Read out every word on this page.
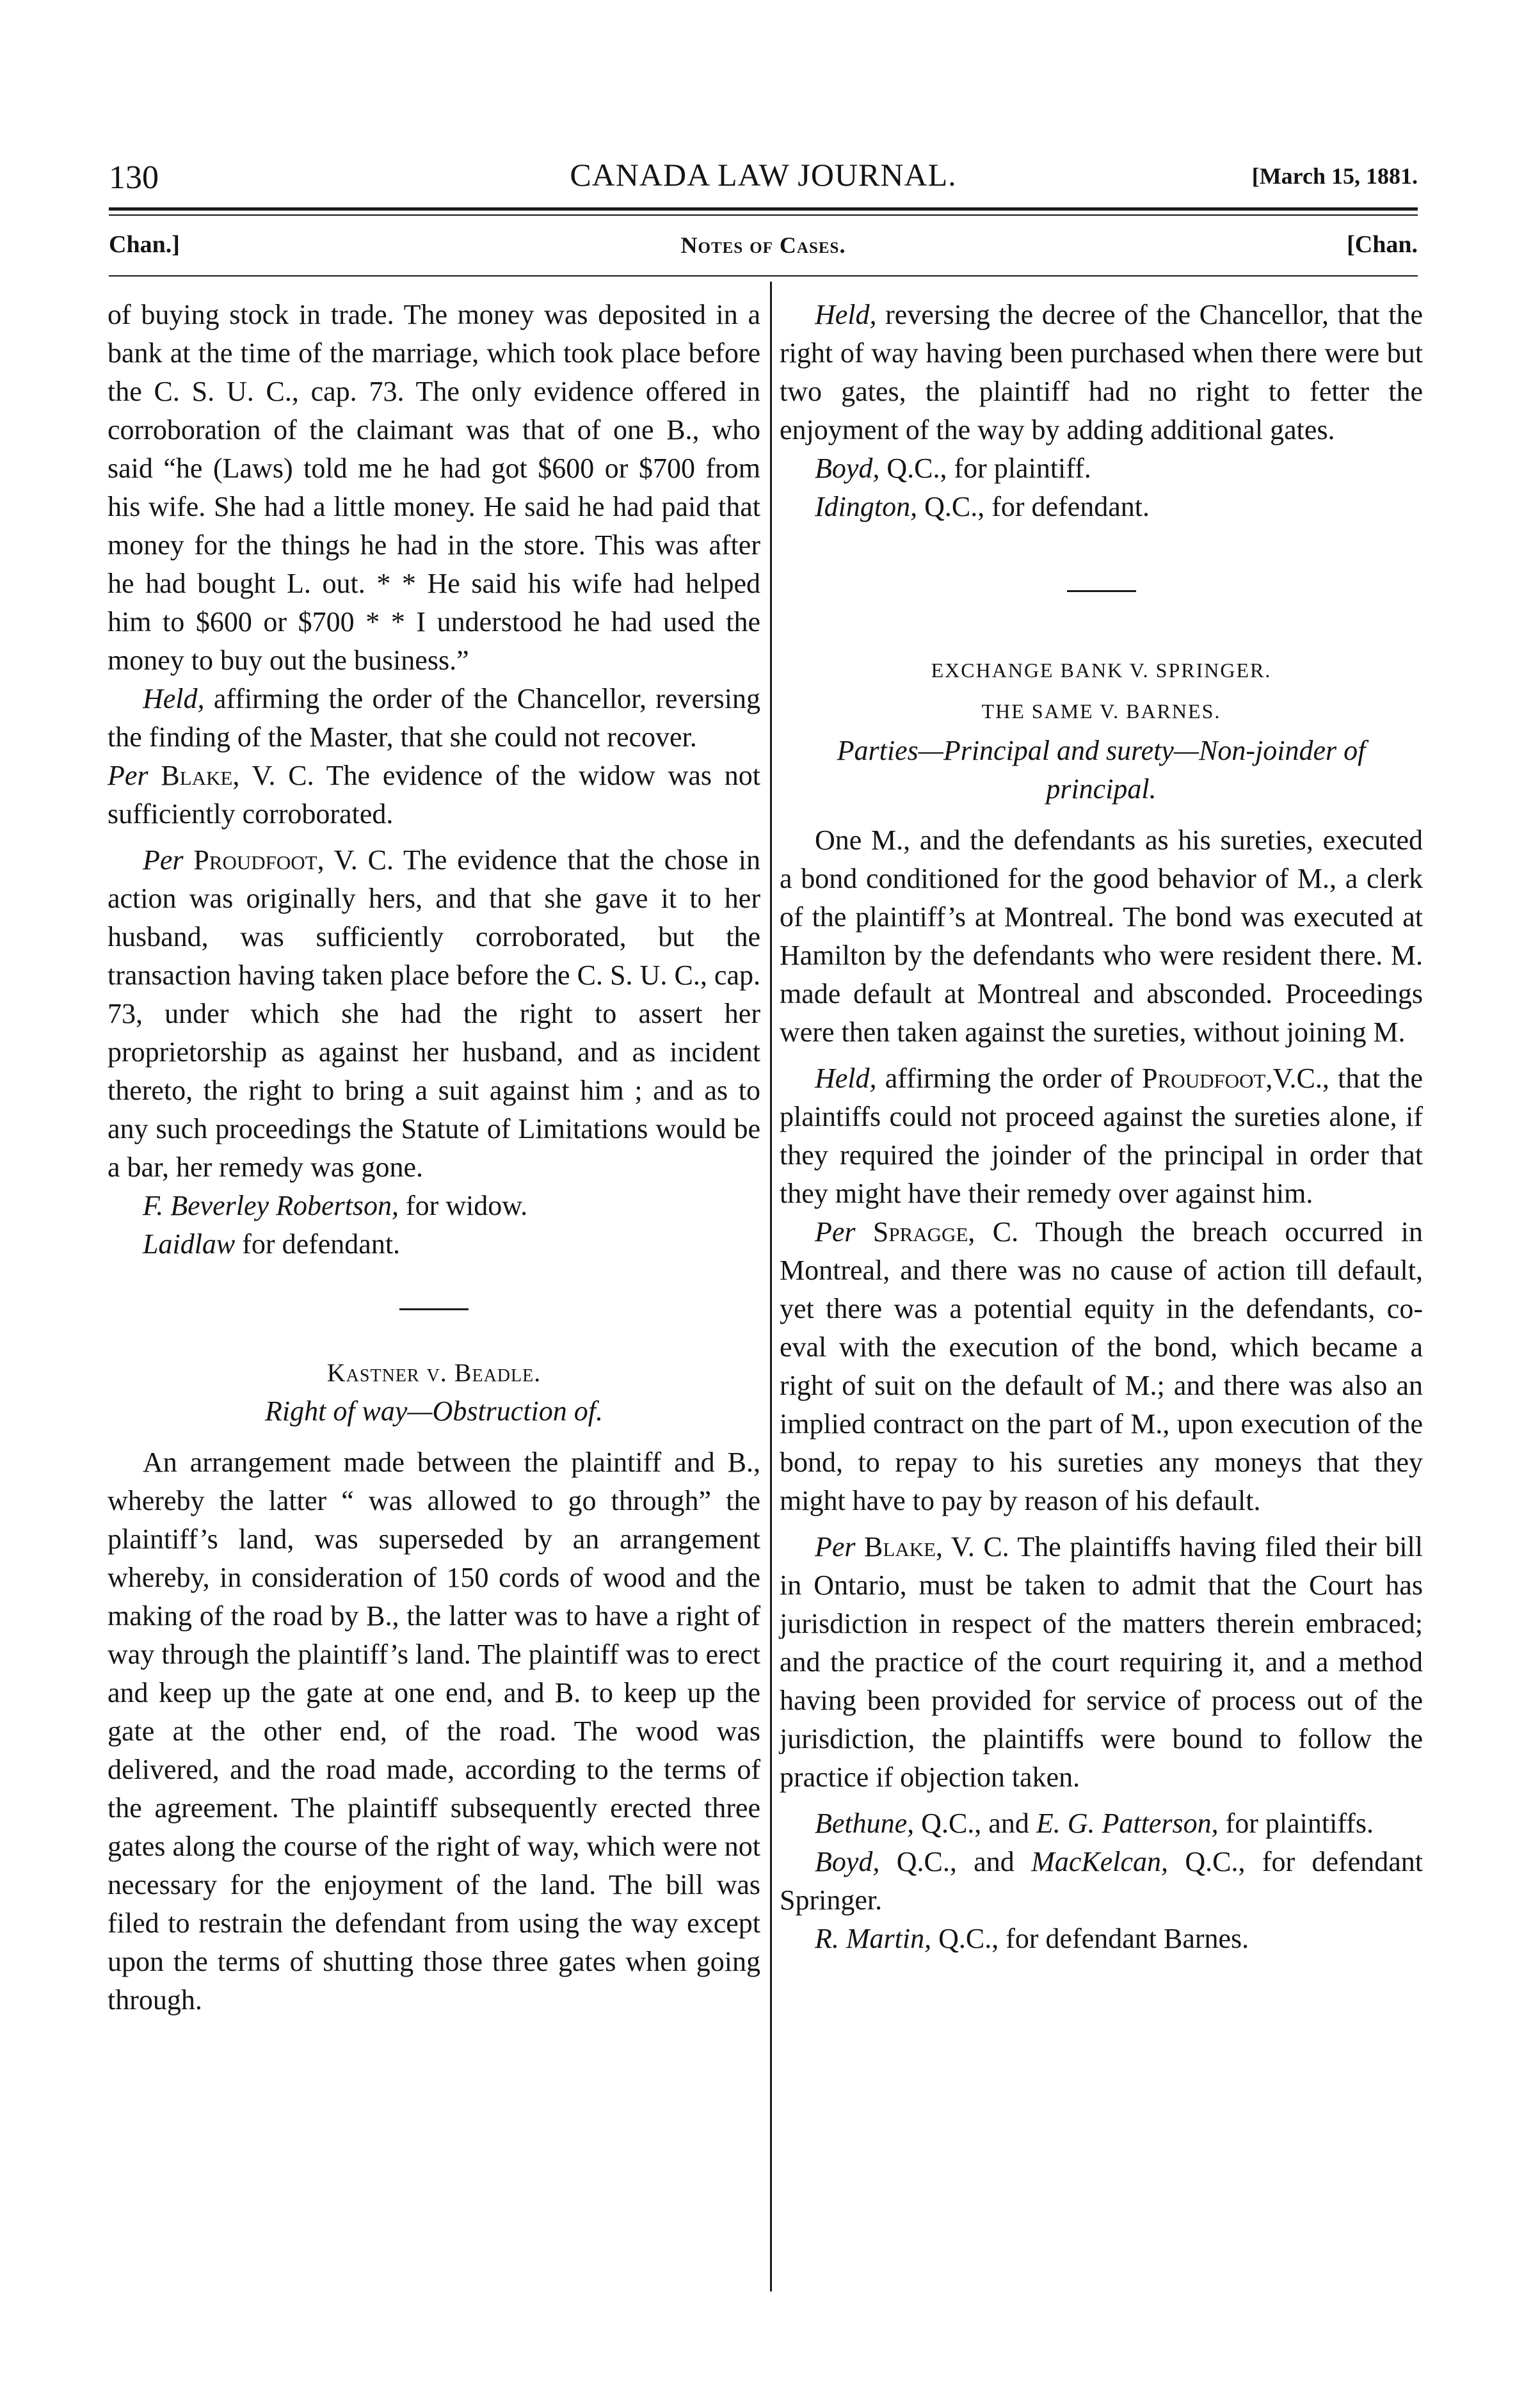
130	CANADA LAW JOURNAL.	[March 15, 1881.
Chan.]	Notes of Cases.	[Chan.

of buying stock in trade. The money was deposited in a bank at the time of the marriage, which took place before the C. S. U. C., cap. 73. The only evidence offered in corroboration of the claimant was that of one B., who said “he (Laws) told me he had got $600 or $700 from his wife. She had a little money. He said he had paid that money for the things he had in the store. This was after he had bought L. out. * * He said his wife had helped him to $600 or $700 * * I understood he had used the money to buy out the business.”

Held, affirming the order of the Chancellor, reversing the finding of the Master, that she could not recover.

Per Blake, V. C. The evidence of the widow was not sufficiently corroborated.

Per Proudfoot, V. C. The evidence that the chose in action was originally hers, and that she gave it to her husband, was sufficiently corroborated, but the transaction having taken place before the C. S. U. C., cap. 73, under which she had the right to assert her proprietorship as against her husband, and as incident thereto, the right to bring a suit against him ; and as to any such proceedings the Statute of Limitations would be a bar, her remedy was gone.

F. Beverley Robertson, for widow.

Laidlaw for defendant.

Kastner v. Beadle.

Right of way—Obstruction of.

An arrangement made between the plaintiff and B., whereby the latter “ was allowed to go through” the plaintiff’s land, was superseded by an arrangement whereby, in consideration of 150 cords of wood and the making of the road by B., the latter was to have a right of way through the plaintiff’s land. The plaintiff was to erect and keep up the gate at one end, and B. to keep up the gate at the other end, of the road. The wood was delivered, and the road made, according to the terms of the agreement. The plaintiff subsequently erected three gates along the course of the right of way, which were not necessary for the enjoyment of the land. The bill was filed to restrain the defendant from using the way except upon the terms of shutting those three gates when going through.

Held, reversing the decree of the Chancellor, that the right of way having been purchased when there were but two gates, the plaintiff had no right to fetter the enjoyment of the way by adding additional gates.

Boyd, Q.C., for plaintiff.

Idington, Q.C., for defendant.

EXCHANGE BANK V. SPRINGER.

THE SAME V. BARNES.

Parties—Principal and surety—Non-joinder of principal.

One M., and the defendants as his sureties, executed a bond conditioned for the good behavior of M., a clerk of the plaintiff’s at Montreal. The bond was executed at Hamilton by the defendants who were resident there. M. made default at Montreal and absconded. Proceedings were then taken against the sureties, without joining M.

Held, affirming the order of Proudfoot,V.C., that the plaintiffs could not proceed against the sureties alone, if they required the joinder of the principal in order that they might have their remedy over against him.

Per Spragge, C. Though the breach occurred in Montreal, and there was no cause of action till default, yet there was a potential equity in the defendants, co-eval with the execution of the bond, which became a right of suit on the default of M.; and there was also an implied contract on the part of M., upon execution of the bond, to repay to his sureties any moneys that they might have to pay by reason of his default.

Per Blake, V. C. The plaintiffs having filed their bill in Ontario, must be taken to admit that the Court has jurisdiction in respect of the matters therein embraced; and the practice of the court requiring it, and a method having been provided for service of process out of the jurisdiction, the plaintiffs were bound to follow the practice if objection taken.

Bethune, Q.C., and E. G. Patterson, for plaintiffs.

Boyd, Q.C., and MacKelcan, Q.C., for defendant Springer.

R. Martin, Q.C., for defendant Barnes.
